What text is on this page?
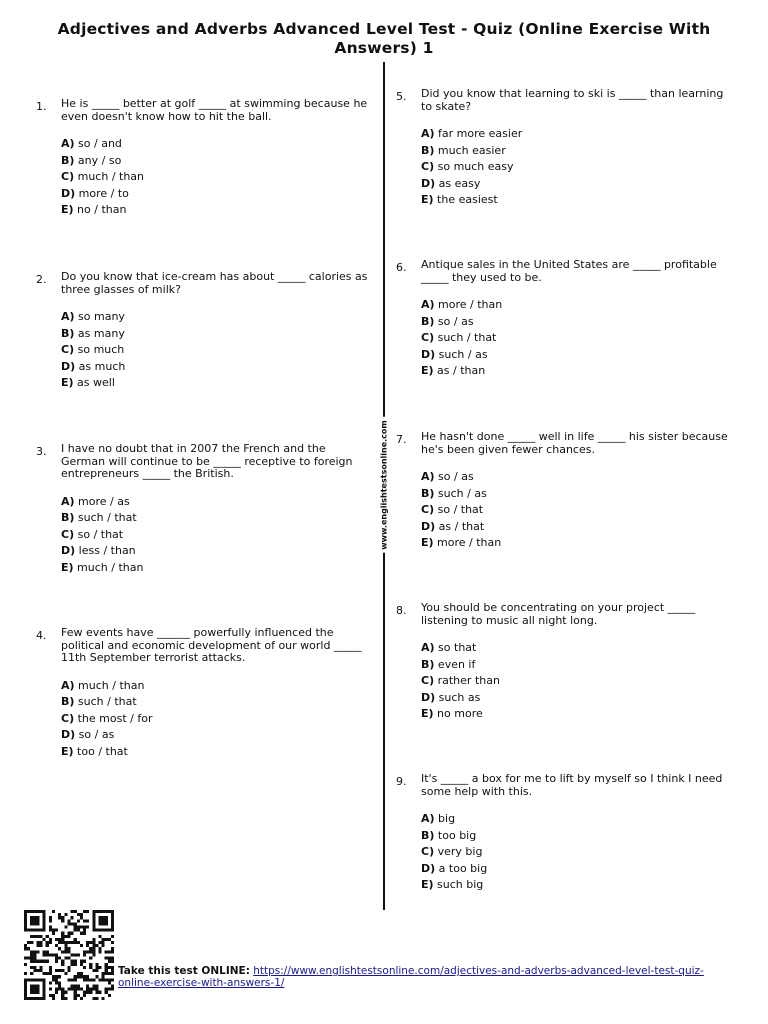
Adjectives and Adverbs Advanced Level Test - Quiz (Online Exercise With Answers) 1
www.englishtestsonline.com
1. He is _____ better at golf _____ at swimming because he even doesn't know how to hit the ball.
A) so / and
B) any / so
C) much / than
D) more / to
E) no / than
2. Do you know that ice-cream has about _____ calories as three glasses of milk?
A) so many
B) as many
C) so much
D) as much
E) as well
3. I have no doubt that in 2007 the French and the German will continue to be _____ receptive to foreign entrepreneurs _____ the British.
A) more / as
B) such / that
C) so / that
D) less / than
E) much / than
4. Few events have ______ powerfully influenced the political and economic development of our world _____ 11th September terrorist attacks.
A) much / than
B) such / that
C) the most / for
D) so / as
E) too / that
5. Did you know that learning to ski is _____ than learning to skate?
A) far more easier
B) much easier
C) so much easy
D) as easy
E) the easiest
6. Antique sales in the United States are _____ profitable _____ they used to be.
A) more / than
B) so / as
C) such / that
D) such / as
E) as / than
7. He hasn't done _____ well in life _____ his sister because he's been given fewer chances.
A) so / as
B) such / as
C) so / that
D) as / that
E) more / than
8. You should be concentrating on your project _____ listening to music all night long.
A) so that
B) even if
C) rather than
D) such as
E) no more
9. It's _____ a box for me to lift by myself so I think I need some help with this.
A) big
B) too big
C) very big
D) a too big
E) such big
Take this test ONLINE: https://www.englishtestsonline.com/adjectives-and-adverbs-advanced-level-test-quiz-online-exercise-with-answers-1/
